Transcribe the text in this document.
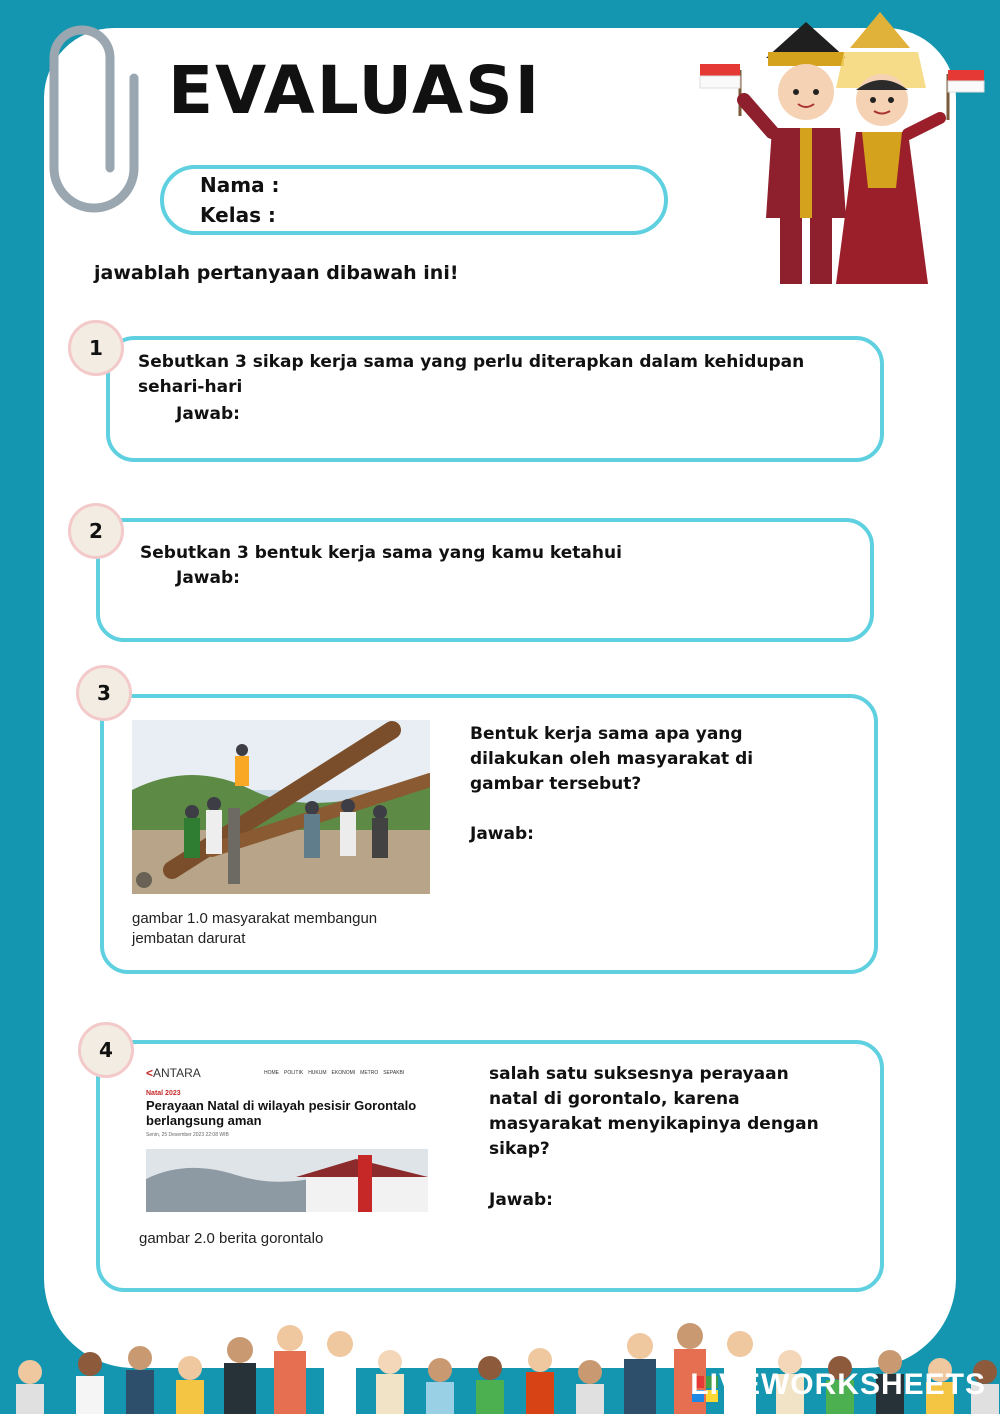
EVALUASI
Nama :
Kelas :
jawablah pertanyaan dibawah ini!
1
Sebutkan 3 sikap kerja sama yang perlu diterapkan dalam kehidupan sehari-hari
Jawab:
2
Sebutkan 3 bentuk kerja sama yang kamu ketahui
Jawab:
3
gambar 1.0 masyarakat membangun jembatan darurat
Bentuk kerja sama apa yang dilakukan oleh masyarakat di gambar tersebut?
Jawab:
4
<ANTARA	HOME POLITIK HUKUM EKONOMI METRO SEPAKBI
Natal 2023
Perayaan Natal di wilayah pesisir Gorontalo berlangsung aman
Senin, 25 Desember 2023 22:08 WIB
gambar 2.0 berita gorontalo
salah satu suksesnya perayaan natal di gorontalo, karena masyarakat menyikapinya dengan sikap?
Jawab:
LIVEWORKSHEETS
